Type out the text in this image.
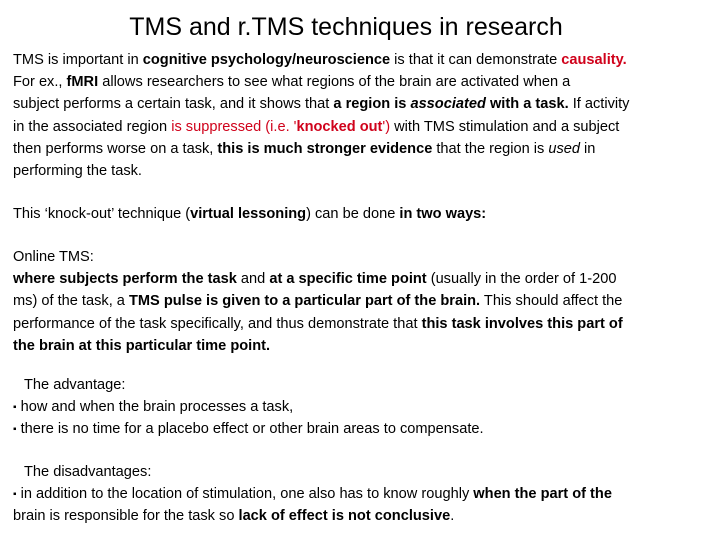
TMS and r.TMS techniques in research
TMS is important in cognitive psychology/neuroscience is that it can demonstrate causality.
For ex., fMRI allows researchers to see what regions of the brain are activated when a
subject performs a certain task, and it shows that a region is associated with a task. If activity
in the associated region is suppressed (i.e. 'knocked out') with TMS stimulation and a subject
then performs worse on a task, this is much stronger evidence that the region is used in
performing the task.
This ‘knock-out’ technique (virtual lessoning) can be done in two ways:
Online TMS:
where subjects perform the task and at a specific time point (usually in the order of 1-200
ms) of the task, a TMS pulse is given to a particular part of the brain. This should affect the
performance of the task specifically, and thus demonstrate that this task involves this part of
the brain at this particular time point.
The advantage:
▪ how and when the brain processes a task,
▪ there is no time for a placebo effect or other brain areas to compensate.
The disadvantages:
▪ in addition to the location of stimulation, one also has to know roughly when the part of the
brain is responsible for the task so lack of effect is not conclusive.
